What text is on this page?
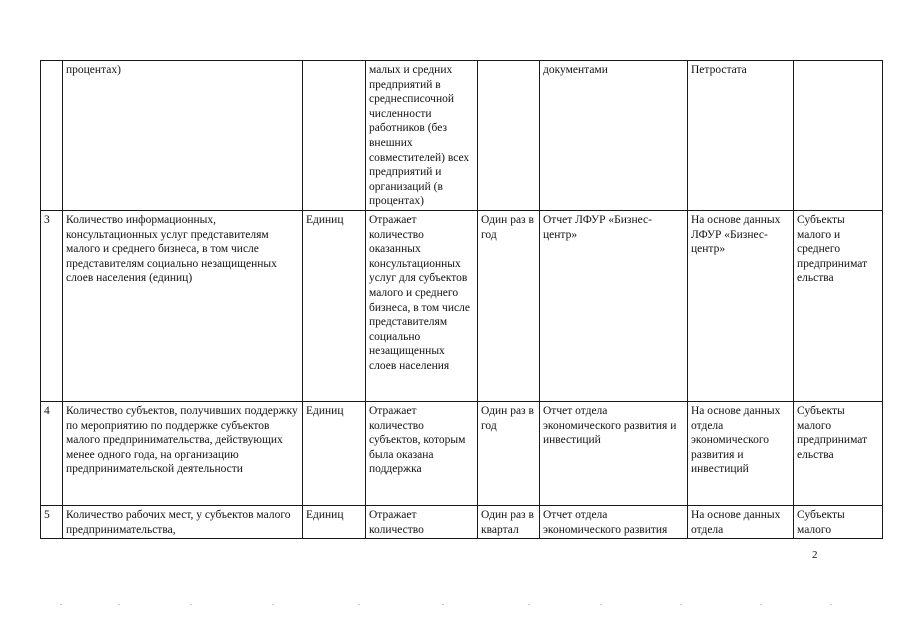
	процентах)		малых и средних предприятий в среднесписочной численности работников (без внешних совместителей) всех предприятий и организаций (в процентах)		документами	Петростата	
3	Количество информационных, консультационных услуг представителям малого и среднего бизнеса, в том числе представителям социально незащищенных слоев населения (единиц)	Единиц	Отражает количество оказанных консультационных услуг для субъектов малого и среднего бизнеса, в том числе представителям социально незащищенных слоев населения	Один раз в год	Отчет ЛФУР «Бизнес-центр»	На основе данных ЛФУР «Бизнес-центр»	Субъекты малого и среднего предпринимат ельства
4	Количество субъектов, получивших поддержку по мероприятию по поддержке субъектов малого предпринимательства, действующих менее одного года, на организацию предпринимательской деятельности	Единиц	Отражает количество субъектов, которым была оказана поддержка	Один раз в год	Отчет отдела экономического развития и инвестиций	На основе данных отдела экономического развития и инвестиций	Субъекты малого предпринимат ельства
5	Количество рабочих мест, у субъектов малого предпринимательства,	Единиц	Отражает количество	Один раз в квартал	Отчет отдела экономического развития	На основе данных отдела	Субъекты малого
2
